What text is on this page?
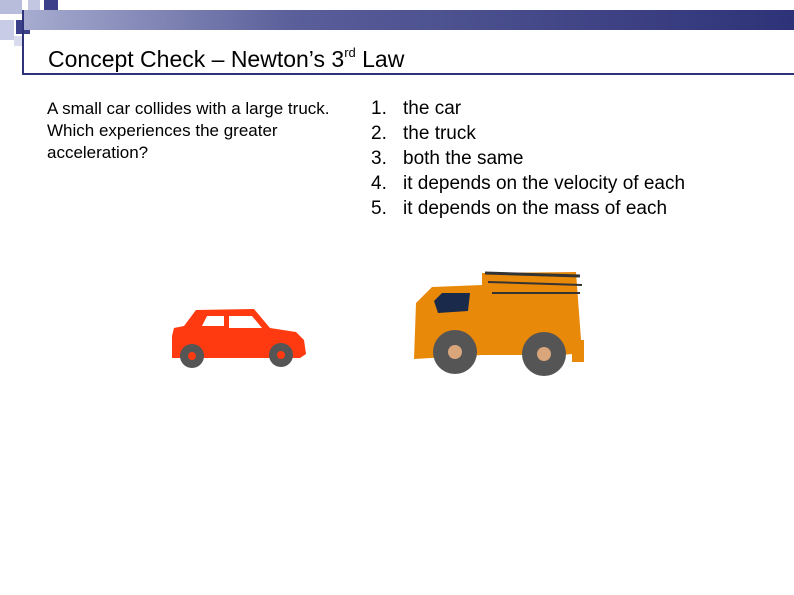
Concept Check – Newton’s 3rd Law
A small car collides with a large truck. Which experiences the greater acceleration?
1. the car
2. the truck
3. both the same
4. it depends on the velocity of each
5. it depends on the mass of each
